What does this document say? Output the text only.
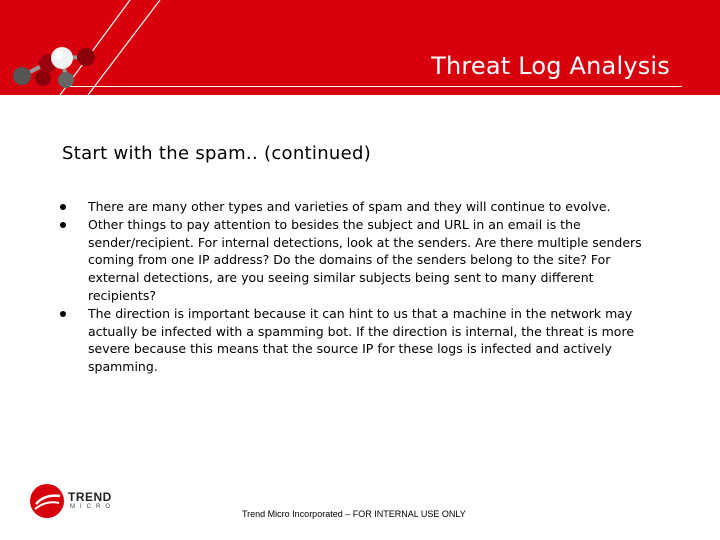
Threat Log Analysis
Start with the spam.. (continued)
There are many other types and varieties of spam and they will continue to evolve.
Other things to pay attention to besides the subject and URL in an email is the sender/recipient. For internal detections, look at the senders. Are there multiple senders coming from one IP address? Do the domains of the senders belong to the site? For external detections, are you seeing similar subjects being sent to many different recipients?
The direction is important because it can hint to us that a machine in the network may actually be infected with a spamming bot. If the direction is internal, the threat is more severe because this means that the source IP for these logs is infected and actively spamming.
TREND
MICRO
Trend Micro Incorporated – FOR INTERNAL USE ONLY
